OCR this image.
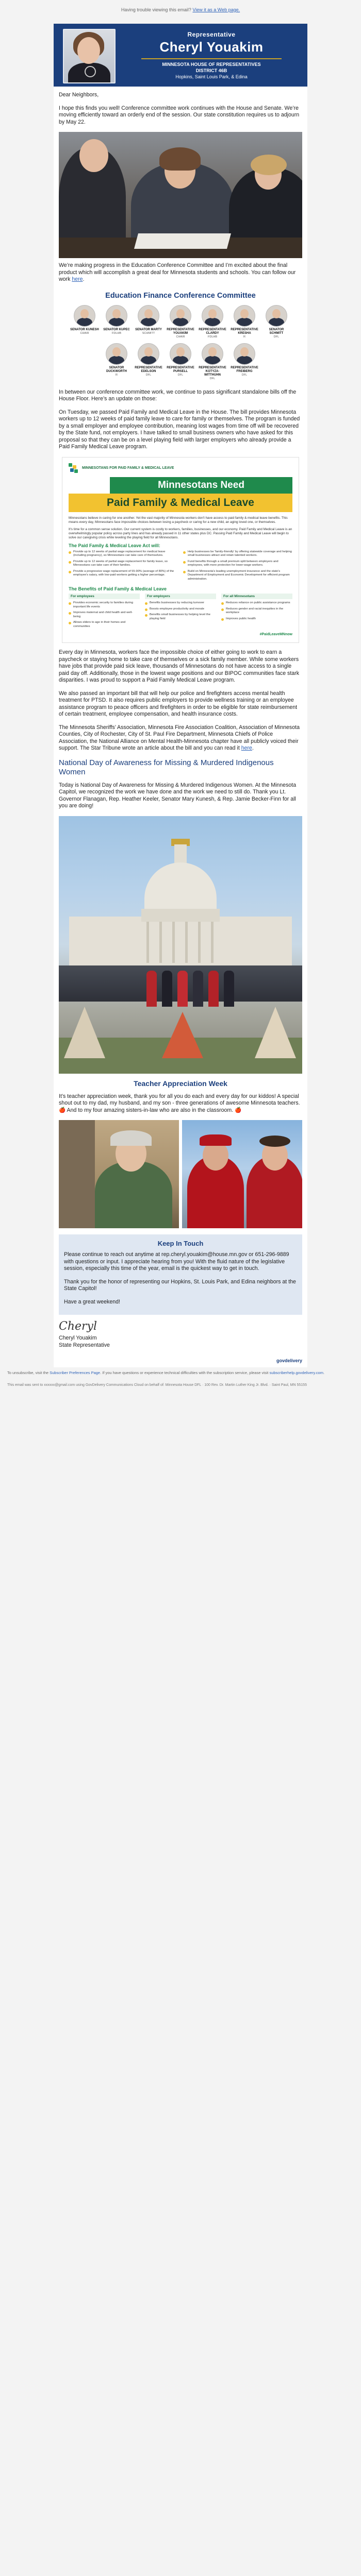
Having trouble viewing this email? View it as a Web page.
Representative
Cheryl Youakim
MINNESOTA HOUSE OF REPRESENTATIVES
DISTRICT 46B
Hopkins, Saint Louis Park, & Edina

Dear Neighbors,

I hope this finds you well! Conference committee work continues with the House and Senate. We’re moving efficiently toward an orderly end of the session. Our state constitution requires us to adjourn by May 22.

We’re making progress in the Education Conference Committee and I’m excited about the final product which will accomplish a great deal for Minnesota students and schools. You can follow our work here.

Education Finance Conference Committee
SENATOR KUNESH
CHAIR
SENATOR KUPEC
FDLHB
SENATOR MARTY
SCHMITT
REPRESENTATIVE YOUAKIM
CHAIR
REPRESENTATIVE CLARDY
FDLHB
REPRESENTATIVE KRESHA
R
SENATOR SCHMITT
DFL
SENATOR DUCKWORTH
R
REPRESENTATIVE EDELSON
DFL
REPRESENTATIVE PURSELL
DFL
REPRESENTATIVE KOTYZA-WITTHUHN
DFL
REPRESENTATIVE FREIBERG
DFL

In between our conference committee work, we continue to pass significant standalone bills off the House Floor. Here’s an update on those:

On Tuesday, we passed Paid Family and Medical Leave in the House. The bill provides Minnesota workers up to 12 weeks of paid family leave to care for family or themselves. The program is funded by a small employer and employee contribution, meaning lost wages from time off will be recovered by the State fund, not employers. I have talked to small business owners who have asked for this proposal so that they can be on a level playing field with larger employers who already provide a Paid Family Medical Leave program.

MINNESOTANS FOR PAID FAMILY & MEDICAL LEAVE
Minnesotans Need
Paid Family & Medical Leave

Minnesotans believe in caring for one another. Yet the vast majority of Minnesota workers don't have access to paid family & medical leave benefits. This means every day, Minnesotans face impossible choices between losing a paycheck or caring for a new child, an aging loved one, or themselves.

It's time for a common sense solution. Our current system is costly to workers, families, businesses, and our economy. Paid Family and Medical Leave is an overwhelmingly popular policy across party lines and has already passed in 11 other states plus DC. Passing Paid Family and Medical Leave will begin to solve our caregiving crisis while leveling the playing field for all Minnesotans.

The Paid Family & Medical Leave Act will:

Provide up to 12 weeks of partial wage replacement for medical leave (including pregnancy), so Minnesotans can take care of themselves.

Provide up to 12 weeks of partial wage replacement for family leave, so Minnesotans can take care of their families.

Provide a progressive wage replacement of 55-90% (average of 80%) of the employee's salary, with low-paid workers getting a higher percentage.

Help businesses be 'family-friendly' by offering statewide coverage and helping small businesses attract and retain talented workers.

Fund benefits through a small premium split between employers and employees, with more protection for lower-wage workers.

Build on Minnesota's leading unemployment insurance and the state's Department of Employment and Economic Development for efficient program administration.

The Benefits of Paid Family & Medical Leave
For employees	For employers	For all Minnesotans

Provides economic security to families during important life events

Improves maternal and child health and well-being

Allows elders to age in their homes and communities

Benefits businesses by reducing turnover

Boosts employee productivity and morale

Benefits small businesses by helping level the playing field

Reduces reliance on public assistance programs

Reduces gender and racial inequities in the workplace

Improves public health

#PaidLeaveMNnow

Every day in Minnesota, workers face the impossible choice of either going to work to earn a paycheck or staying home to take care of themselves or a sick family member. While some workers have jobs that provide paid sick leave, thousands of Minnesotans do not have access to a single paid day off. Additionally, those in the lowest wage positions and our BIPOC communities face stark disparities. I was proud to support a Paid Family Medical Leave program.

We also passed an important bill that will help our police and firefighters access mental health treatment for PTSD. It also requires public employers to provide wellness training or an employee assistance program to peace officers and firefighters in order to be eligible for state reimbursement of certain treatment, employee compensation, and health insurance costs.

The Minnesota Sheriffs’ Association, Minnesota Fire Association Coalition, Association of Minnesota Counties, City of Rochester, City of St. Paul Fire Department, Minnesota Chiefs of Police Association, the National Alliance on Mental Health-Minnesota chapter have all publicly voiced their support. The Star Tribune wrote an article about the bill and you can read it here.

National Day of Awareness for Missing & Murdered Indigenous Women

Today is National Day of Awareness for Missing & Murdered Indigenous Women. At the Minnesota Capitol, we recognized the work we have done and the work we need to still do. Thank you Lt. Governor Flanagan, Rep. Heather Keeler, Senator Mary Kunesh, & Rep. Jamie Becker-Finn for all you are doing!

Teacher Appreciation Week

It’s teacher appreciation week, thank you for all you do each and every day for our kiddos! A special shout out to my dad, my husband, and my son - three generations of awesome Minnesota teachers. 🍎 And to my four amazing sisters-in-law who are also in the classroom. 🍎

Keep In Touch

Please continue to reach out anytime at rep.cheryl.youakim@house.mn.gov or 651-296-9889 with questions or input. I appreciate hearing from you! With the fluid nature of the legislative session, especially this time of the year, email is the quickest way to get in touch.

Thank you for the honor of representing our Hopkins, St. Louis Park, and Edina neighbors at the State Capitol!

Have a great weekend!

Cheryl

Cheryl Youakim
State Representative

govdelivery
To unsubscribe, visit the Subscriber Preferences Page. If you have questions or experience technical difficulties with the subscription service, please visit subscriberhelp.govdelivery.com.
This email was sent to xxxxxx@gmail.com using GovDelivery Communications Cloud on behalf of: Minnesota House DFL · 100 Rev. Dr. Martin Luther King Jr. Blvd. · Saint Paul, MN 55155
